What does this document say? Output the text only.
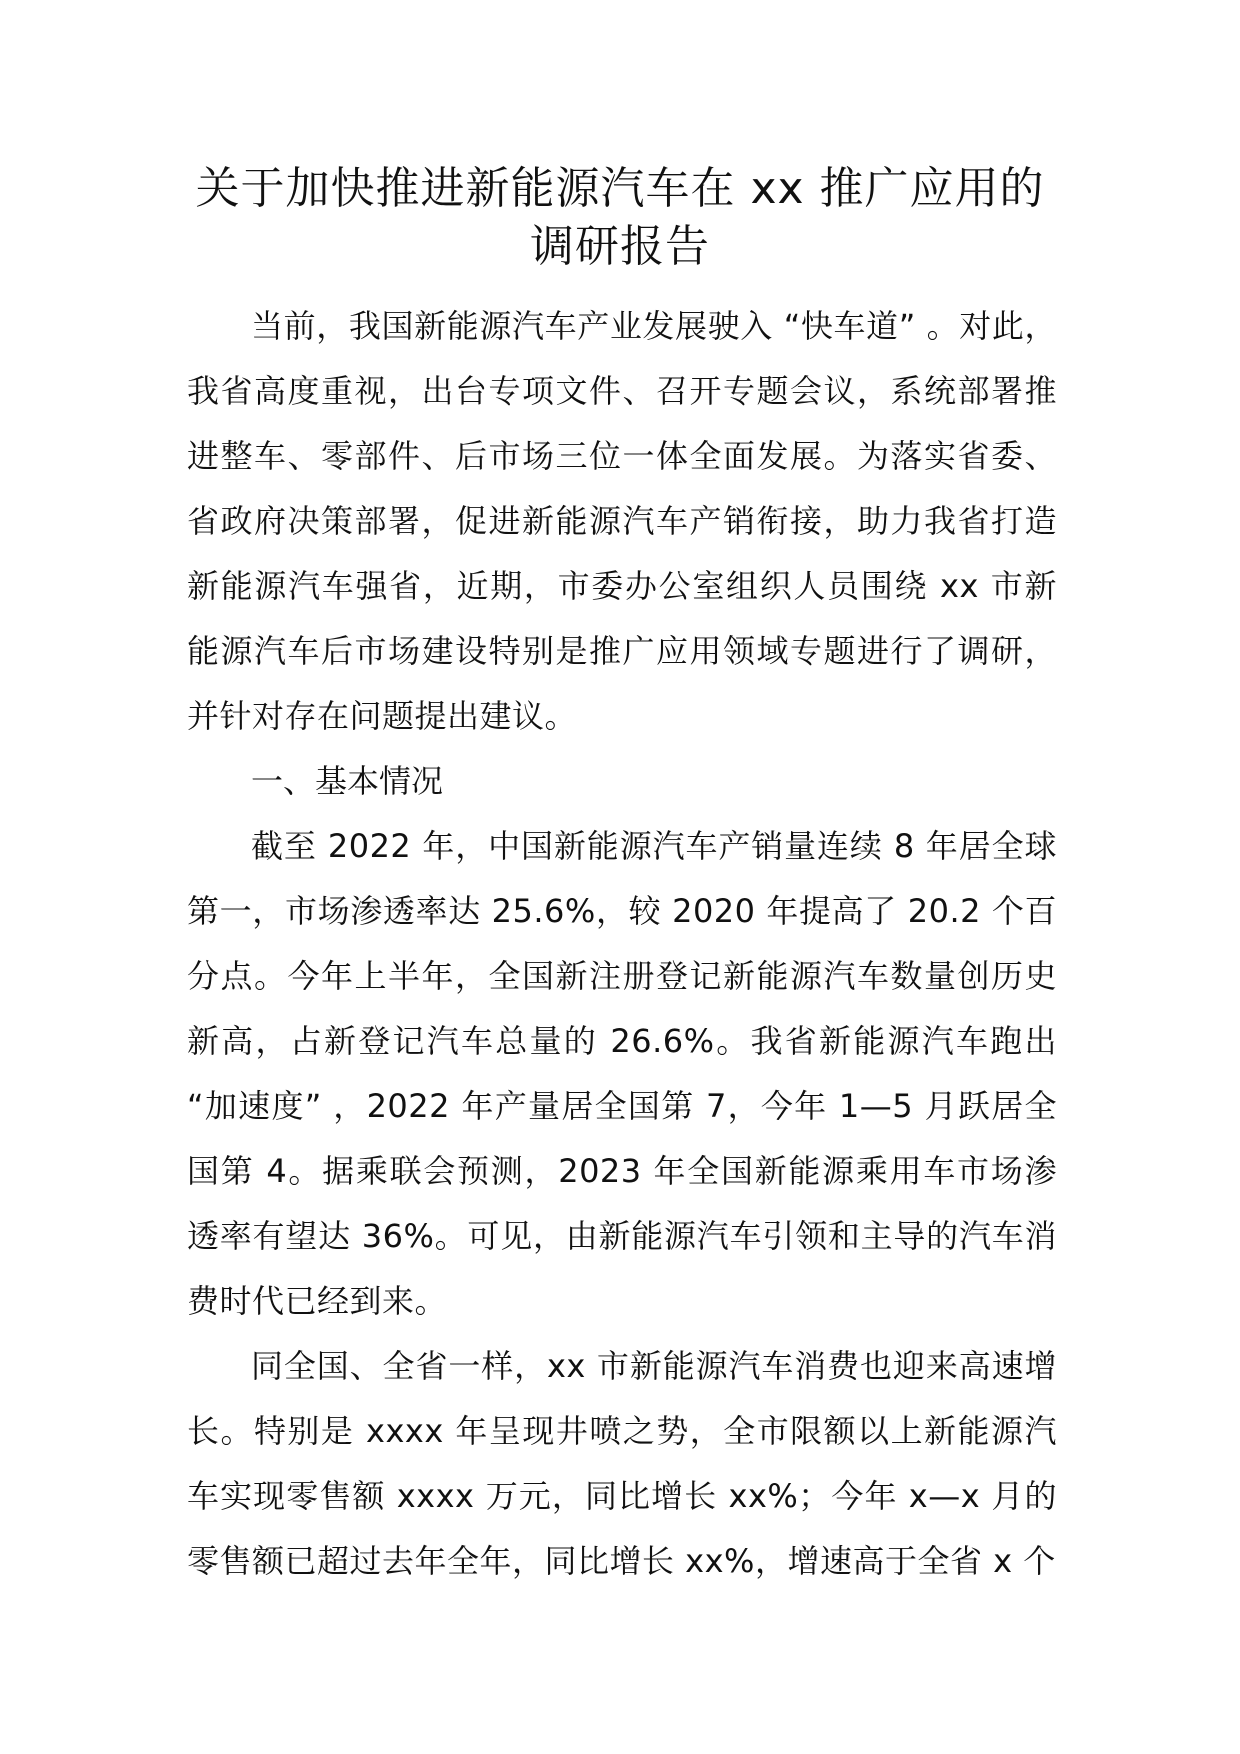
关于加快推进新能源汽车在 xx 推广应用的
调研报告

当前，我国新能源汽车产业发展驶入 “快车道” 。对此，我省高度重视，出台专项文件、召开专题会议，系统部署推进整车、零部件、后市场三位一体全面发展。为落实省委、省政府决策部署，促进新能源汽车产销衔接，助力我省打造新能源汽车强省，近期，市委办公室组织人员围绕 xx 市新能源汽车后市场建设特别是推广应用领域专题进行了调研，并针对存在问题提出建议。

一、基本情况

截至 2022 年，中国新能源汽车产销量连续 8 年居全球第一，市场渗透率达 25.6%，较 2020 年提高了 20.2 个百分点。今年上半年，全国新注册登记新能源汽车数量创历史新高，占新登记汽车总量的 26.6%。我省新能源汽车跑出 “加速度” ，2022 年产量居全国第 7，今年 1—5 月跃居全国第 4。据乘联会预测，2023 年全国新能源乘用车市场渗透率有望达 36%。可见，由新能源汽车引领和主导的汽车消费时代已经到来。

同全国、全省一样，xx 市新能源汽车消费也迎来高速增长。特别是 xxxx 年呈现井喷之势，全市限额以上新能源汽车实现零售额 xxxx 万元，同比增长 xx%；今年 x—x 月的零售额已超过去年全年，同比增长 xx%，增速高于全省 x 个
